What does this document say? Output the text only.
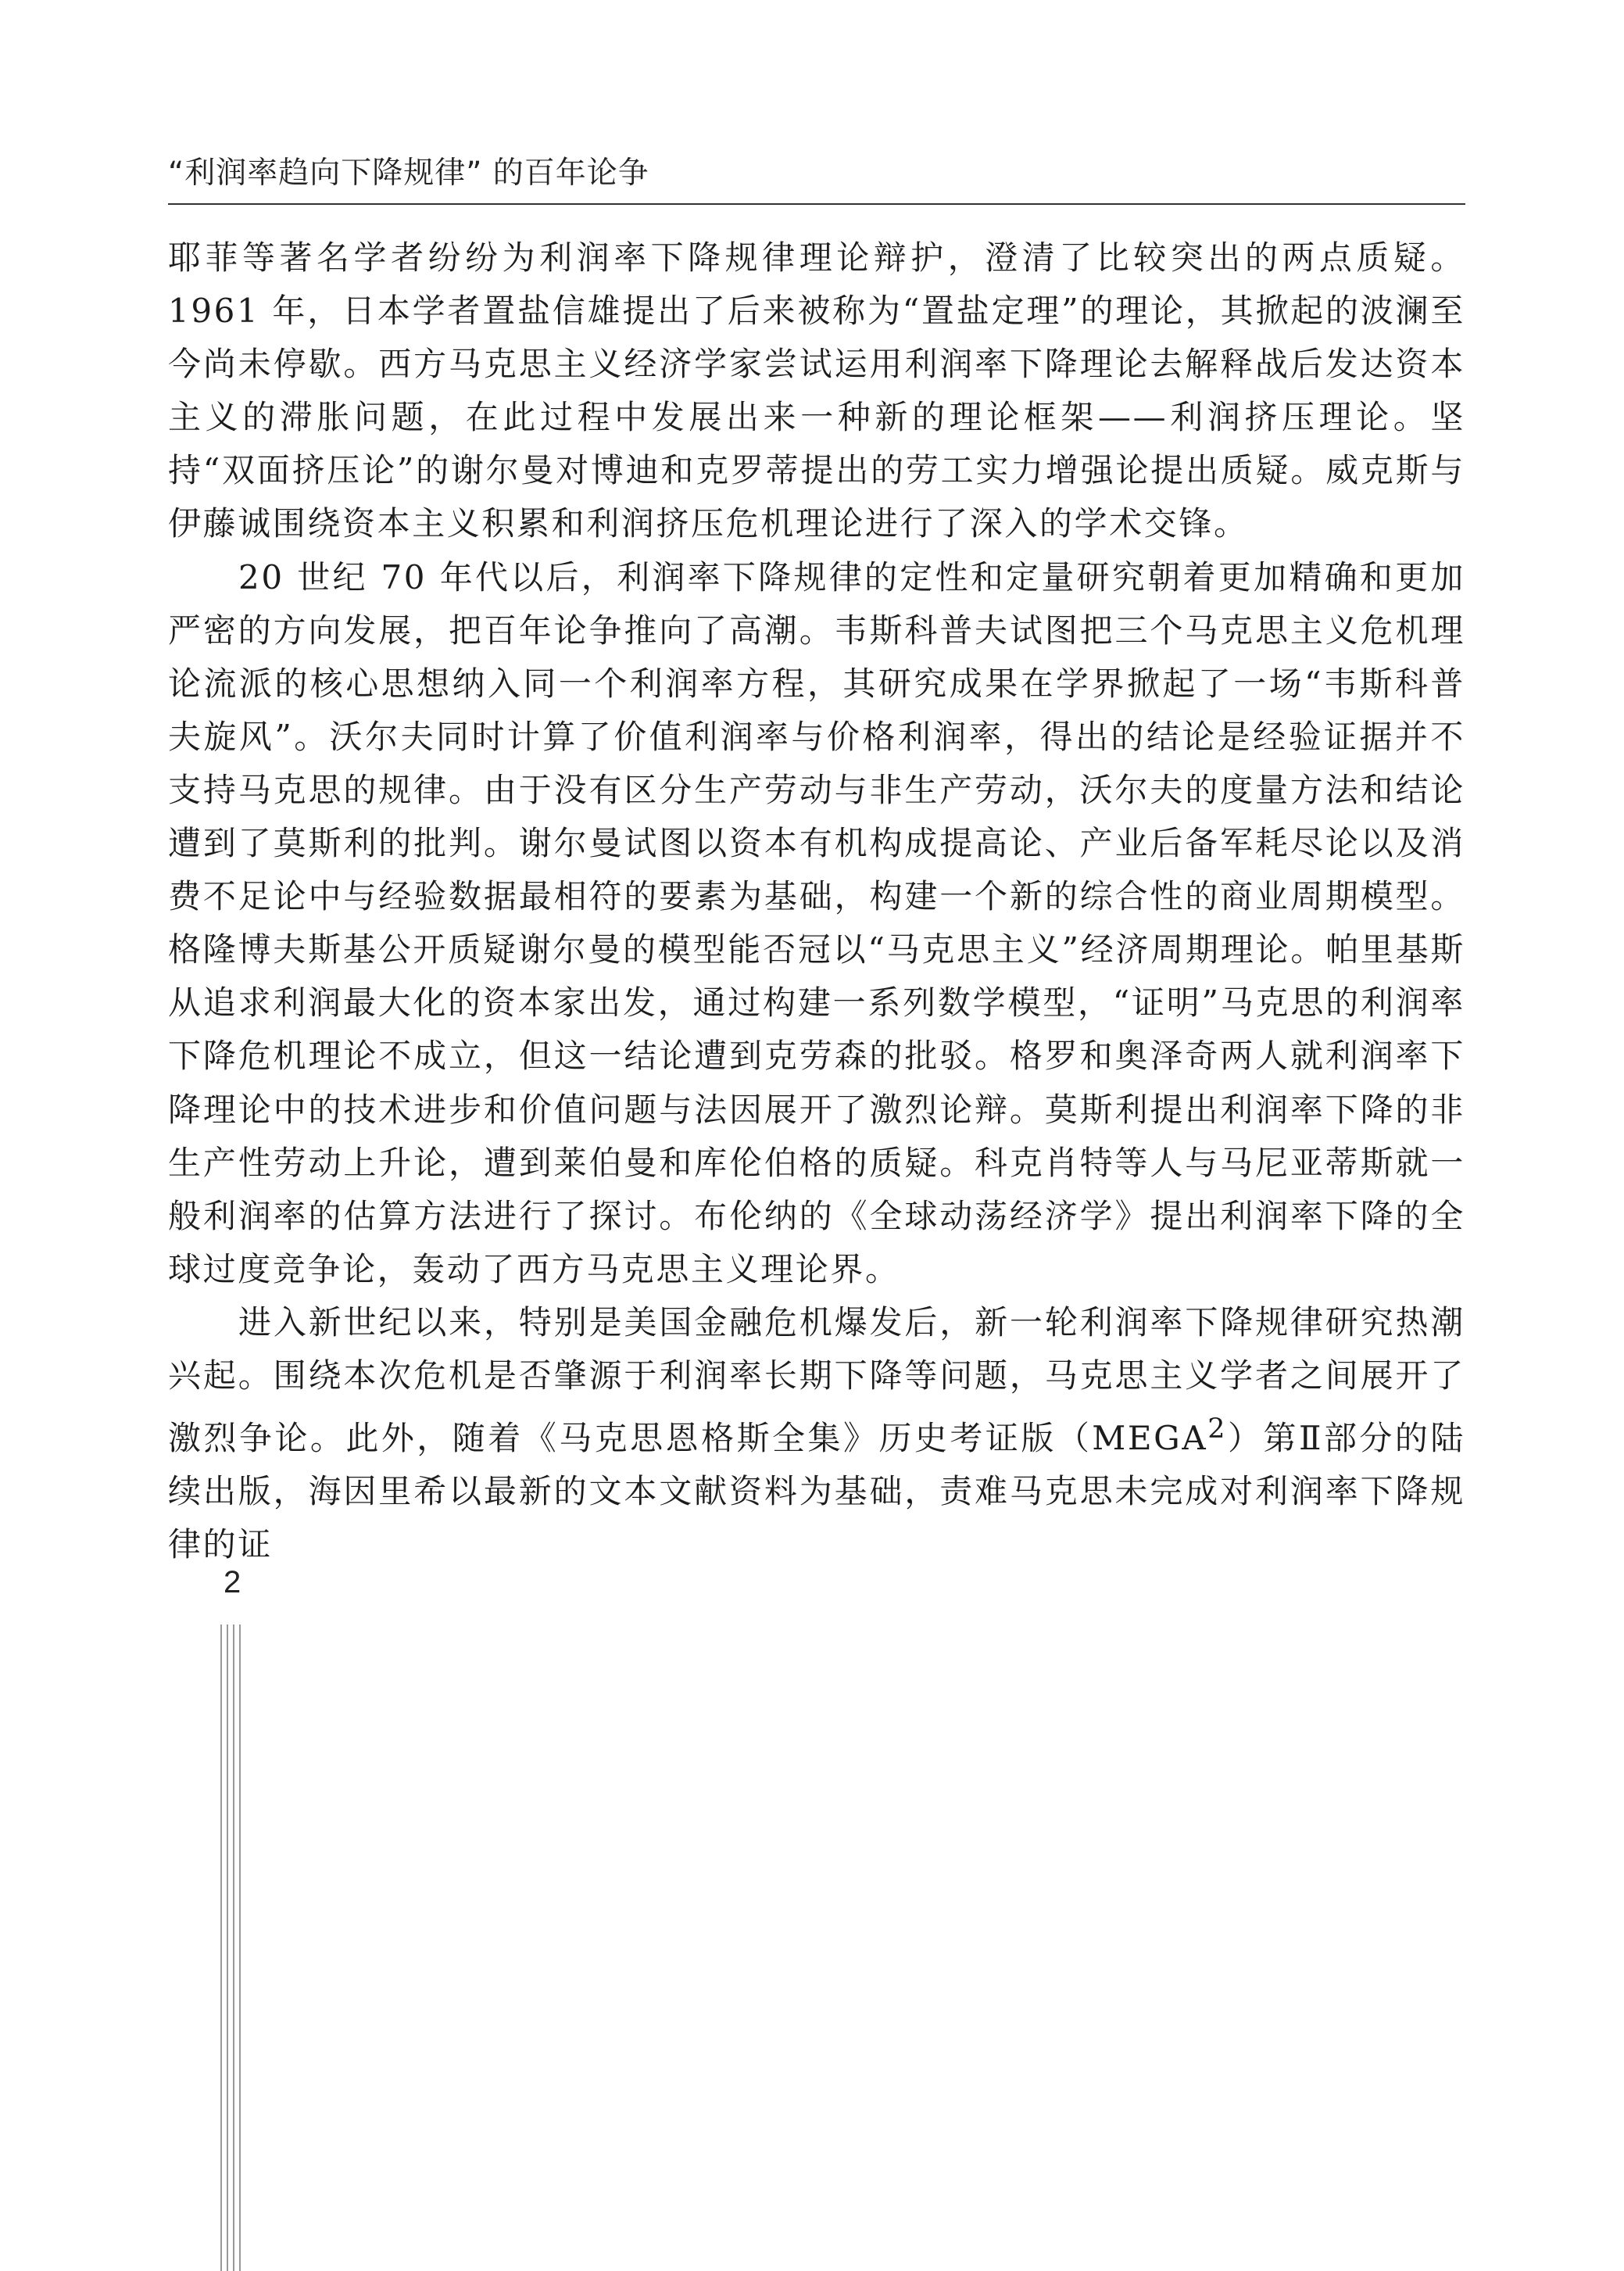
“利润率趋向下降规律” 的百年论争

耶菲等著名学者纷纷为利润率下降规律理论辩护，澄清了比较突出的两点质疑。1961 年，日本学者置盐信雄提出了后来被称为“置盐定理”的理论，其掀起的波澜至今尚未停歇。西方马克思主义经济学家尝试运用利润率下降理论去解释战后发达资本主义的滞胀问题，在此过程中发展出来一种新的理论框架——利润挤压理论。坚持“双面挤压论”的谢尔曼对博迪和克罗蒂提出的劳工实力增强论提出质疑。威克斯与伊藤诚围绕资本主义积累和利润挤压危机理论进行了深入的学术交锋。

20 世纪 70 年代以后，利润率下降规律的定性和定量研究朝着更加精确和更加严密的方向发展，把百年论争推向了高潮。韦斯科普夫试图把三个马克思主义危机理论流派的核心思想纳入同一个利润率方程，其研究成果在学界掀起了一场“韦斯科普夫旋风”。沃尔夫同时计算了价值利润率与价格利润率，得出的结论是经验证据并不支持马克思的规律。由于没有区分生产劳动与非生产劳动，沃尔夫的度量方法和结论遭到了莫斯利的批判。谢尔曼试图以资本有机构成提高论、产业后备军耗尽论以及消费不足论中与经验数据最相符的要素为基础，构建一个新的综合性的商业周期模型。格隆博夫斯基公开质疑谢尔曼的模型能否冠以“马克思主义”经济周期理论。帕里基斯从追求利润最大化的资本家出发，通过构建一系列数学模型，“证明”马克思的利润率下降危机理论不成立，但这一结论遭到克劳森的批驳。格罗和奥泽奇两人就利润率下降理论中的技术进步和价值问题与法因展开了激烈论辩。莫斯利提出利润率下降的非生产性劳动上升论，遭到莱伯曼和库伦伯格的质疑。科克肖特等人与马尼亚蒂斯就一般利润率的估算方法进行了探讨。布伦纳的《全球动荡经济学》提出利润率下降的全球过度竞争论，轰动了西方马克思主义理论界。

进入新世纪以来，特别是美国金融危机爆发后，新一轮利润率下降规律研究热潮兴起。围绕本次危机是否肇源于利润率长期下降等问题，马克思主义学者之间展开了激烈争论。此外，随着《马克思恩格斯全集》历史考证版（MEGA$^2$）第Ⅱ部分的陆续出版，海因里希以最新的文本文献资料为基础，责难马克思未完成对利润率下降规律的证

2
